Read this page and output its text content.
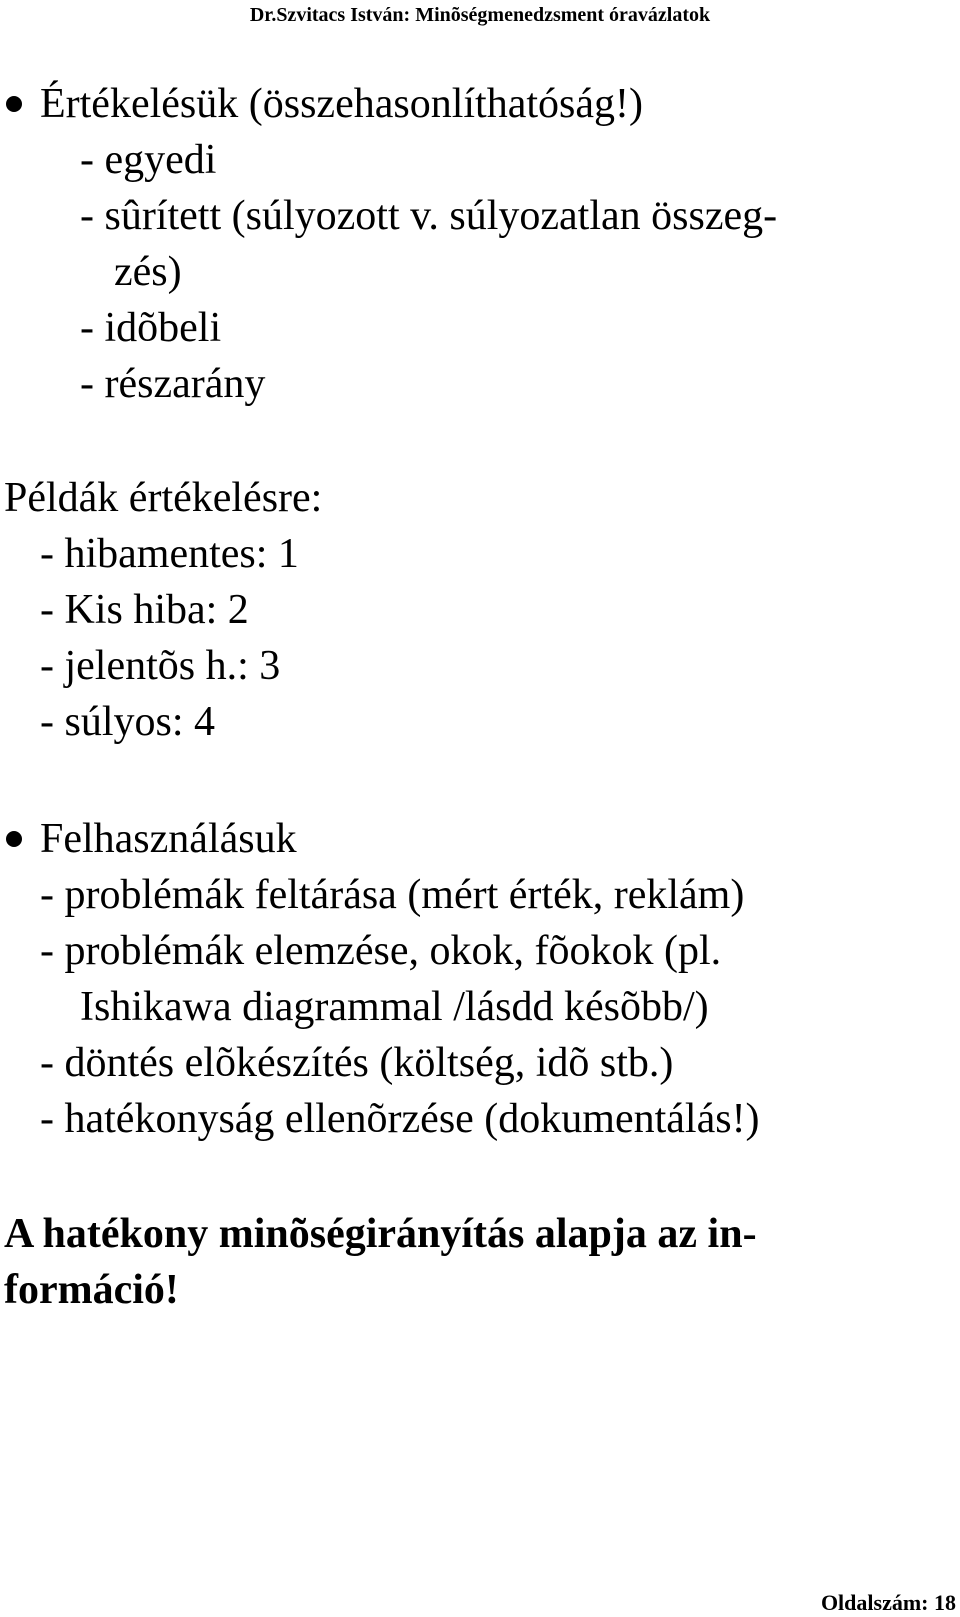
Dr.Szvitacs István: Minõségmenedzsment óravázlatok
Értékelésük (összehasonlíthatóság!)
- egyedi
- sûrített (súlyozott v. súlyozatlan összeg-
zés)
- idõbeli
- részarány
Példák értékelésre:
- hibamentes: 1
- Kis hiba: 2
- jelentõs h.: 3
- súlyos: 4
Felhasználásuk
- problémák feltárása (mért érték, reklám)
- problémák elemzése, okok, fõokok (pl.
Ishikawa diagrammal /lásdd késõbb/)
- döntés elõkészítés (költség, idõ stb.)
- hatékonyság ellenõrzése (dokumentálás!)
A hatékony minõségirányítás alapja az in-
formáció!
Oldalszám: 18
